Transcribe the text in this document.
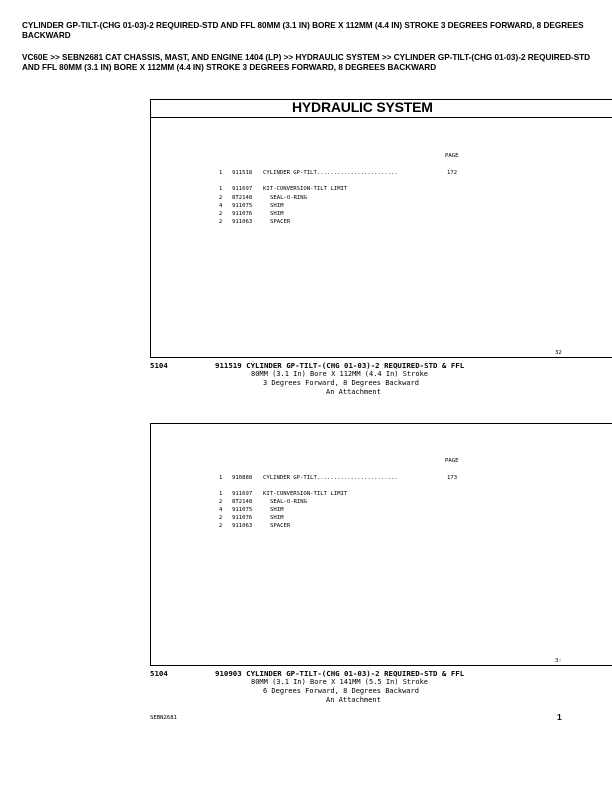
CYLINDER GP-TILT-(CHG 01-03)-2 REQUIRED-STD AND FFL 80MM (3.1 IN) BORE X 112MM (4.4 IN) STROKE 3 DEGREES FORWARD, 8 DEGREES BACKWARD

VC60E >> SEBN2681 CAT CHASSIS, MAST, AND ENGINE 1404 (LP) >> HYDRAULIC SYSTEM >> CYLINDER GP-TILT-(CHG 01-03)-2 REQUIRED-STD AND FFL 80MM (3.1 IN) BORE X 112MM (4.4 IN) STROKE 3 DEGREES FORWARD, 8 DEGREES BACKWARD

HYDRAULIC SYSTEM
PAGE
1 911518 CYLINDER GP-TILT........................	172
1 911697 KIT-CONVERSION-TILT LIMIT
2 8T2148	SEAL-O-RING
4 911075	SHIM
2 911076	SHIM
2 911063	SPACER
32
5104	911519 CYLINDER GP-TILT-(CHG 01-03)-2 REQUIRED-STD & FFL
80MM (3.1 In) Bore X 112MM (4.4 In) Stroke
3 Degrees Forward, 8 Degrees Backward
An Attachment
PAGE
1 910888 CYLINDER GP-TILT........................	173
1 911697 KIT-CONVERSION-TILT LIMIT
2 8T2148	SEAL-O-RING
4 911075	SHIM
2 911076	SHIM
2 911063	SPACER
3:
5104	910903 CYLINDER GP-TILT-(CHG 01-03)-2 REQUIRED-STD & FFL
80MM (3.1 In) Bore X 141MM (5.5 In) Stroke
6 Degrees Forward, 8 Degrees Backward
An Attachment
SEBN2681	1
